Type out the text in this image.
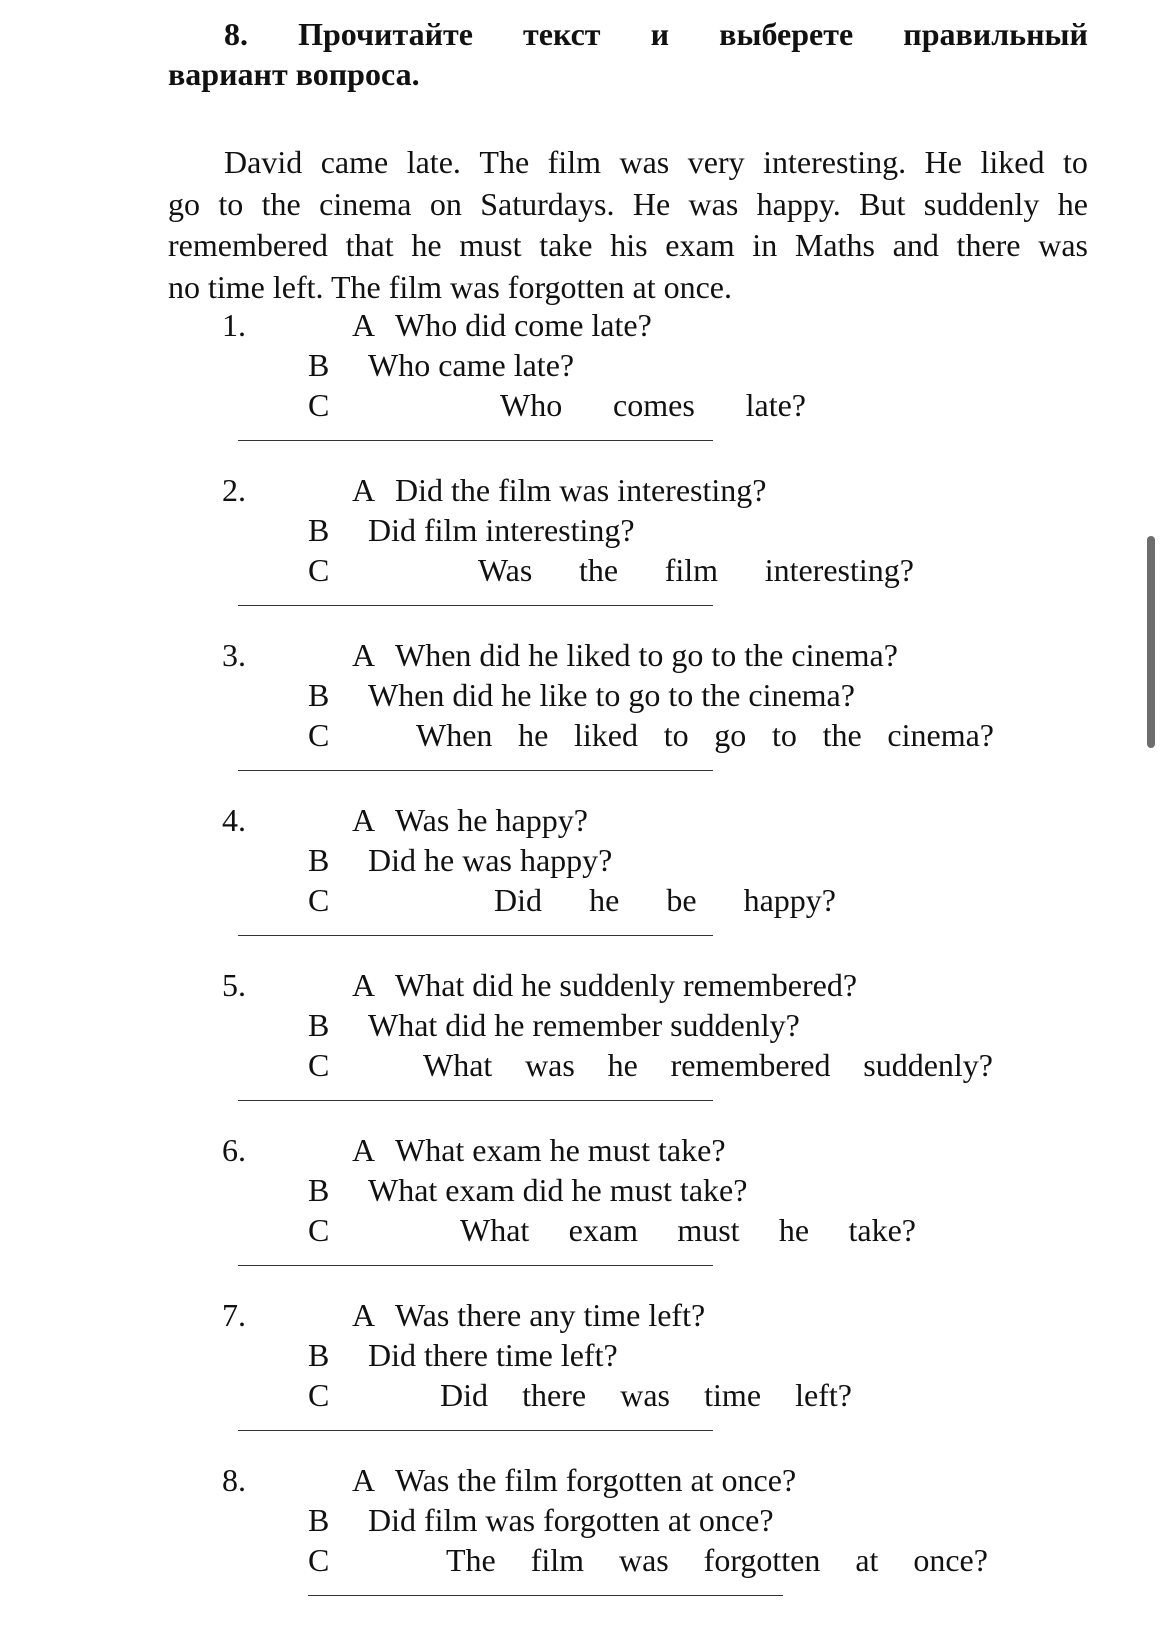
8. Прочитайте текст и выберете правильный
вариант вопроса.
David came late. The film was very interesting. He liked to
go to the cinema on Saturdays. He was happy. But suddenly he
remembered that he must take his exam in Maths and there was
no time left. The film was forgotten at once.
1.	A Who did come late?
B Who came late?
C	Who comes late?
2.	A Did the film was interesting?
B Did film interesting?
C	Was the film interesting?
3.	A When did he liked to go to the cinema?
B When did he like to go to the cinema?
C	When he liked to go to the cinema?
4.	A Was he happy?
B Did he was happy?
C	Did he be happy?
5.	A What did he suddenly remembered?
B What did he remember suddenly?
C	What was he remembered suddenly?
6.	A What exam he must take?
B What exam did he must take?
C	What exam must he take?
7.	A Was there any time left?
B Did there time left?
C	Did there was time left?
8.	A Was the film forgotten at once?
B Did film was forgotten at once?
C	The film was forgotten at once?
